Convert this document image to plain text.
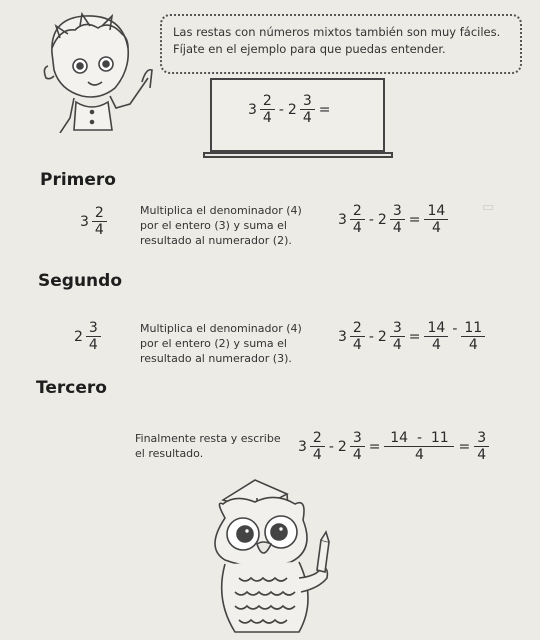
Las restas con números mixtos también son muy fáciles.
Fíjate en el ejemplo para que puedas entender.
$3 \frac{2}{4} - 2 \frac{3}{4}$ =
Primero
$3 \frac{2}{4}$	Multiplica el denominador (4)
por el entero (3) y suma el
resultado al numerador (2).
$3 \frac{2}{4} - 2 \frac{3}{4} = \frac{14}{4}$
Segundo
$2 \frac{3}{4}$	Multiplica el denominador (4)
por el entero (2) y suma el
resultado al numerador (3).
$3 \frac{2}{4} - 2 \frac{3}{4} = \frac{14}{4} - \frac{11}{4}$
Tercero
Finalmente resta y escribe
el resultado.	$3 \frac{2}{4} - 2 \frac{3}{4} = \frac{14 - 11}{4} = \frac{3}{4}$
▭
